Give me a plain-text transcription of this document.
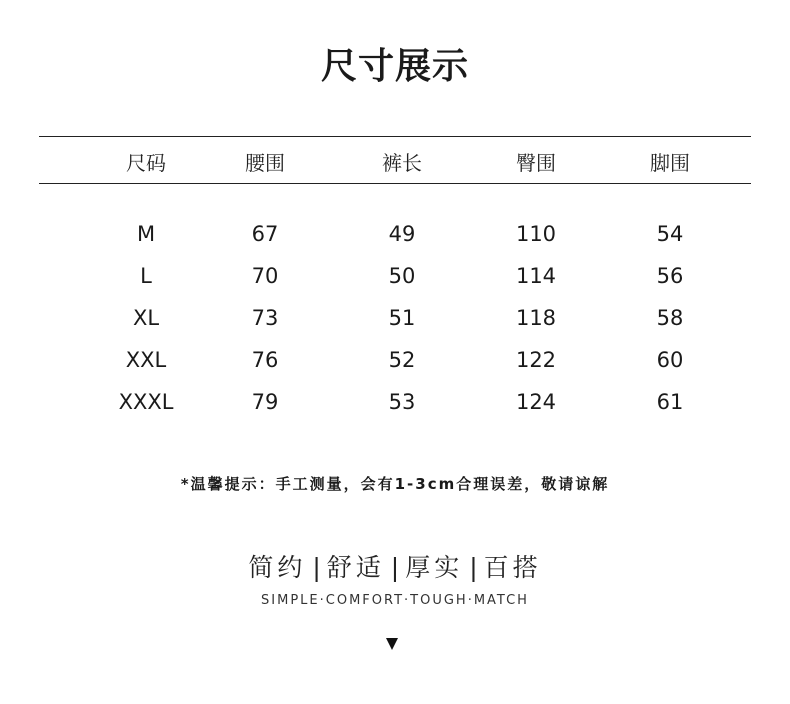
尺寸展示
尺码	腰围	裤长	臀围	脚围
M	67	49	110	54
L	70	50	114	56
XL	73	51	118	58
XXL	76	52	122	60
XXXL	79	53	124	61
*温馨提示：手工测量，会有1-3cm合理误差，敬请谅解
简约 | 舒适 | 厚实 | 百搭
SIMPLE·COMFORT·TOUGH·MATCH
